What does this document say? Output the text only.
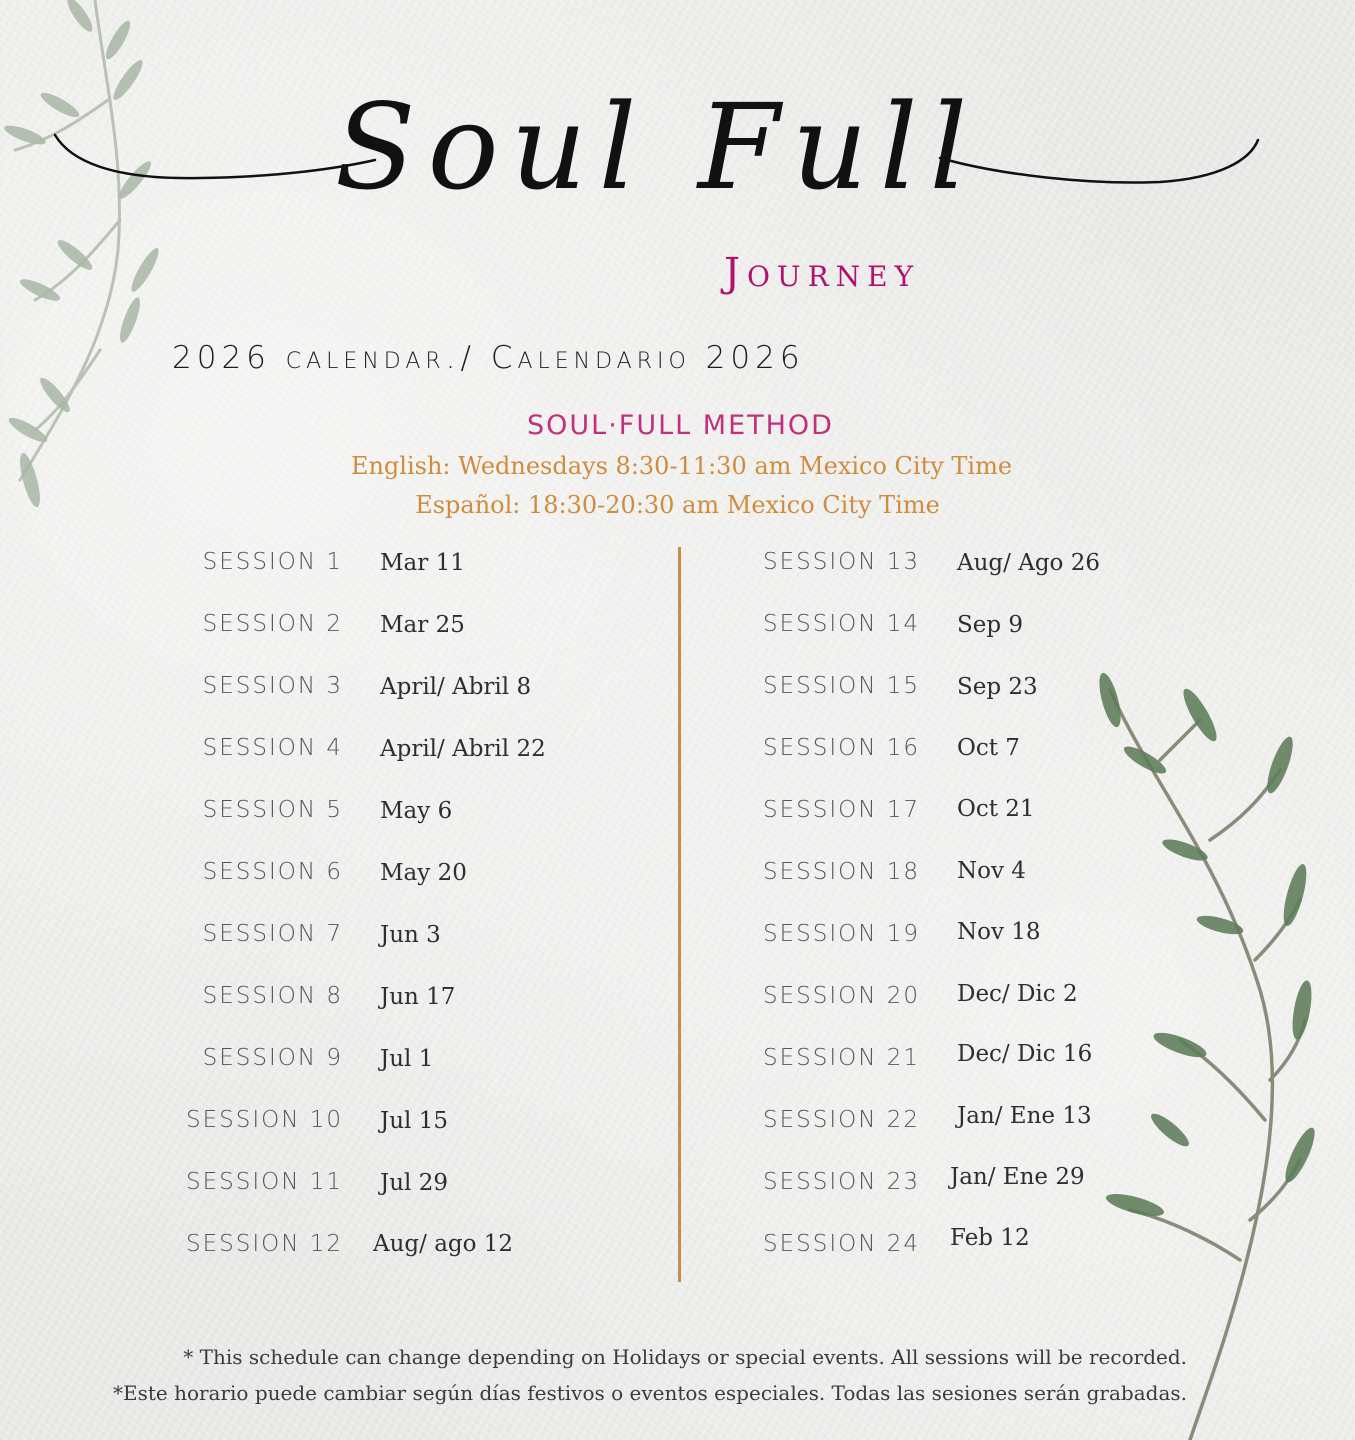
Soul Full
Journey
2026 calendar./ Calendario 2026
SOUL·FULL METHOD
English: Wednesdays 8:30-11:30 am Mexico City Time
Español: 18:30-20:30 am Mexico City Time
SESSION 1 Mar 11
SESSION 2 Mar 25
SESSION 3 April/ Abril 8
SESSION 4 April/ Abril 22
SESSION 5 May 6
SESSION 6 May 20
SESSION 7 Jun 3
SESSION 8 Jun 17
SESSION 9 Jul 1
SESSION 10 Jul 15
SESSION 11 Jul 29
SESSION 12 Aug/ ago 12
SESSION 13 Aug/ Ago 26
SESSION 14 Sep 9
SESSION 15 Sep 23
SESSION 16 Oct 7
SESSION 17 Oct 21
SESSION 18 Nov 4
SESSION 19 Nov 18
SESSION 20 Dec/ Dic 2
SESSION 21 Dec/ Dic 16
SESSION 22 Jan/ Ene 13
SESSION 23 Jan/ Ene 29
SESSION 24 Feb 12
* This schedule can change depending on Holidays or special events. All sessions will be recorded.
*Este horario puede cambiar según días festivos o eventos especiales. Todas las sesiones serán grabadas.
